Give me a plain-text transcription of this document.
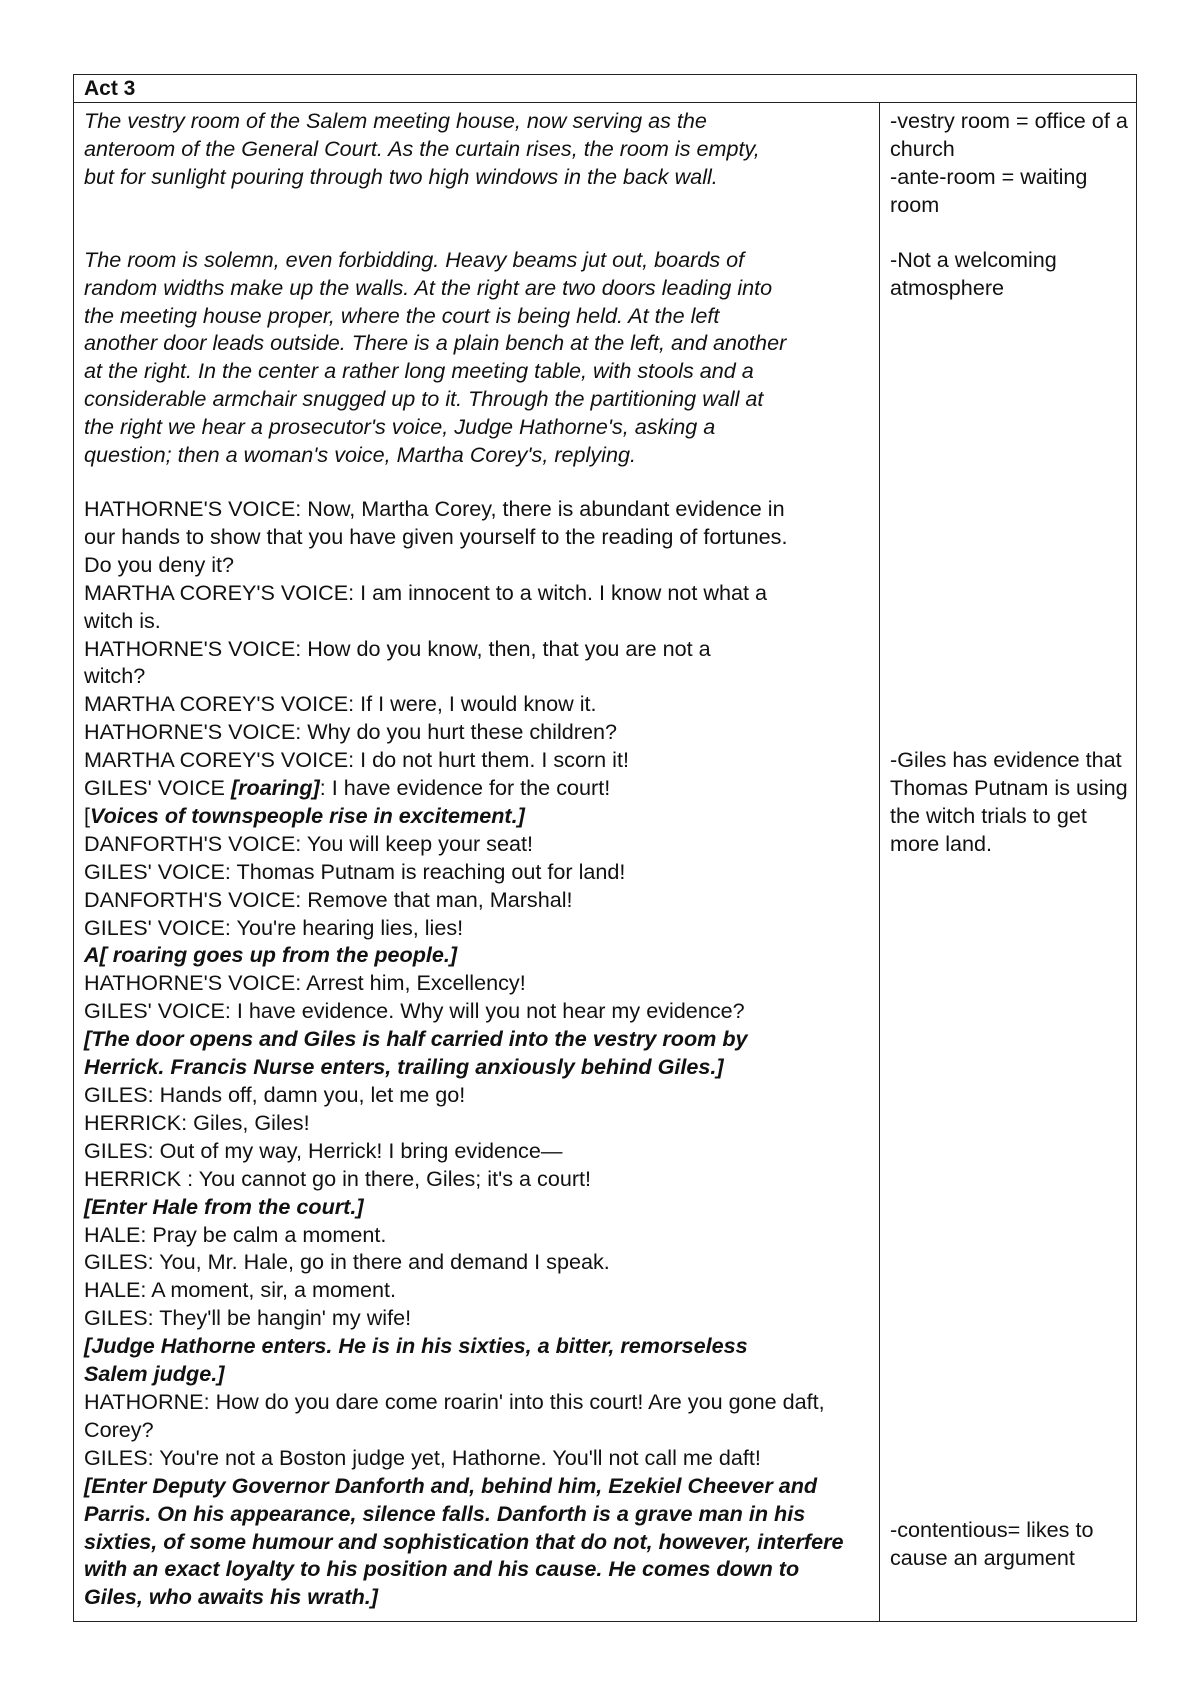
Act 3

The vestry room of the Salem meeting house, now serving as the anteroom of the General Court. As the curtain rises, the room is empty, but for sunlight pouring through two high windows in the back wall.

The room is solemn, even forbidding. Heavy beams jut out, boards of random widths make up the walls. At the right are two doors leading into the meeting house proper, where the court is being held. At the left another door leads outside. There is a plain bench at the left, and another at the right. In the center a rather long meeting table, with stools and a considerable armchair snugged up to it. Through the partitioning wall at the right we hear a prosecutor's voice, Judge Hathorne's, asking a question; then a woman's voice, Martha Corey's, replying.

HATHORNE'S VOICE: Now, Martha Corey, there is abundant evidence in our hands to show that you have given yourself to the reading of fortunes. Do you deny it?
MARTHA COREY'S VOICE: I am innocent to a witch. I know not what a witch is.
HATHORNE'S VOICE: How do you know, then, that you are not a witch?
MARTHA COREY'S VOICE: If I were, I would know it.
HATHORNE'S VOICE: Why do you hurt these children?
MARTHA COREY'S VOICE: I do not hurt them. I scorn it!
GILES' VOICE [roaring]: I have evidence for the court!
[Voices of townspeople rise in excitement.]
DANFORTH'S VOICE: You will keep your seat!
GILES' VOICE: Thomas Putnam is reaching out for land!
DANFORTH'S VOICE: Remove that man, Marshal!
GILES' VOICE: You're hearing lies, lies!
A[ roaring goes up from the people.]
HATHORNE'S VOICE: Arrest him, Excellency!
GILES' VOICE: I have evidence. Why will you not hear my evidence?
[The door opens and Giles is half carried into the vestry room by Herrick. Francis Nurse enters, trailing anxiously behind Giles.]
GILES: Hands off, damn you, let me go!
HERRICK: Giles, Giles!
GILES: Out of my way, Herrick! I bring evidence—
HERRICK : You cannot go in there, Giles; it's a court!
[Enter Hale from the court.]
HALE: Pray be calm a moment.
GILES: You, Mr. Hale, go in there and demand I speak.
HALE: A moment, sir, a moment.
GILES: They'll be hangin' my wife!
[Judge Hathorne enters. He is in his sixties, a bitter, remorseless Salem judge.]
HATHORNE: How do you dare come roarin' into this court! Are you gone daft, Corey?
GILES: You're not a Boston judge yet, Hathorne. You'll not call me daft!
[Enter Deputy Governor Danforth and, behind him, Ezekiel Cheever and Parris. On his appearance, silence falls. Danforth is a grave man in his sixties, of some humour and sophistication that do not, however, interfere with an exact loyalty to his position and his cause. He comes down to Giles, who awaits his wrath.]
-vestry room = office of a church
-ante-room = waiting room
-Not a welcoming atmosphere
-Giles has evidence that Thomas Putnam is using the witch trials to get more land.
-contentious= likes to cause an argument
